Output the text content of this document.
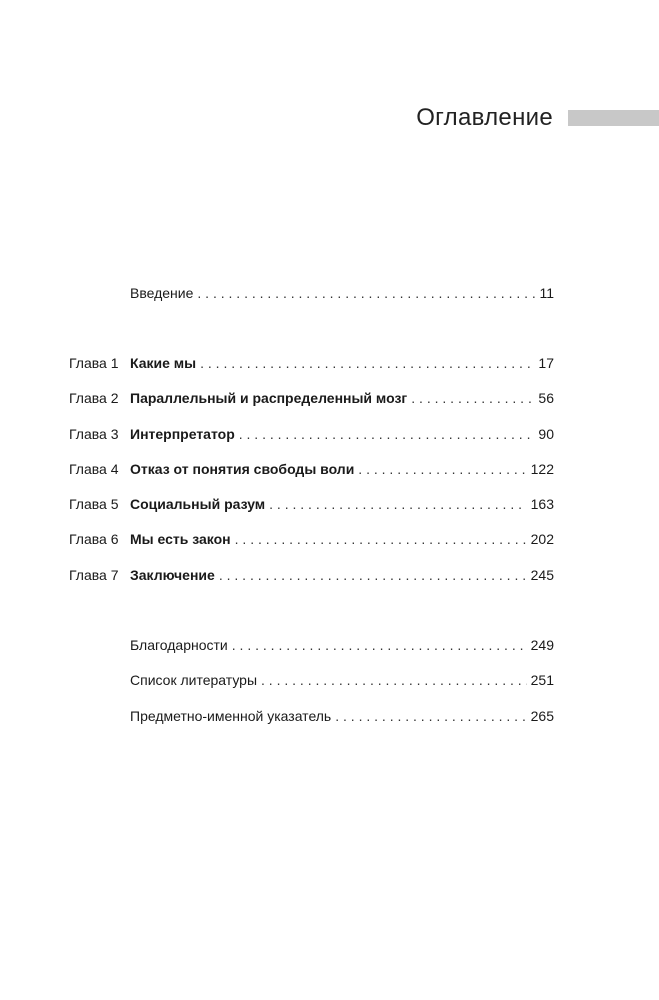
Оглавление
Введение . . .	11
Глава 1 Какие мы . . .	17
Глава 2 Параллельный и распределенный мозг . . .	56
Глава 3 Интерпретатор . . .	90
Глава 4 Отказ от понятия свободы воли . . .	122
Глава 5 Социальный разум . . .	163
Глава 6 Мы есть закон . . .	202
Глава 7 Заключение . . .	245
Благодарности . . .	249
Список литературы . . .	251
Предметно-именной указатель . . .	265
